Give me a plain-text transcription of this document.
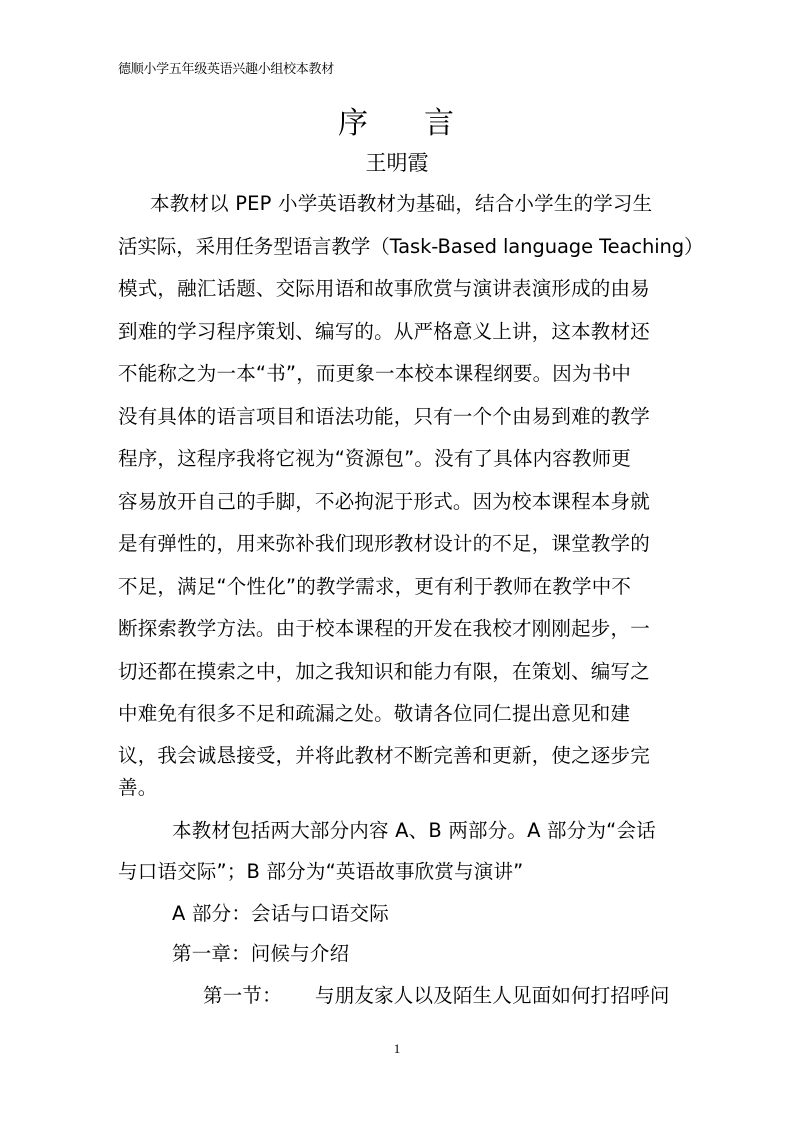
德顺小学五年级英语兴趣小组校本教材
序 言
王明霞
本教材以 PEP 小学英语教材为基础，结合小学生的学习生
活实际，采用任务型语言教学（Task-Based language Teaching）
模式，融汇话题、交际用语和故事欣赏与演讲表演形成的由易
到难的学习程序策划、编写的。从严格意义上讲，这本教材还
不能称之为一本“书”，而更象一本校本课程纲要。因为书中
没有具体的语言项目和语法功能，只有一个个由易到难的教学
程序，这程序我将它视为“资源包”。没有了具体内容教师更
容易放开自己的手脚，不必拘泥于形式。因为校本课程本身就
是有弹性的，用来弥补我们现形教材设计的不足，课堂教学的
不足，满足“个性化”的教学需求，更有利于教师在教学中不
断探索教学方法。由于校本课程的开发在我校才刚刚起步，一
切还都在摸索之中，加之我知识和能力有限，在策划、编写之
中难免有很多不足和疏漏之处。敬请各位同仁提出意见和建
议，我会诚恳接受，并将此教材不断完善和更新，使之逐步完
善。
本教材包括两大部分内容 A、B 两部分。A 部分为“会话
与口语交际”；B 部分为“英语故事欣赏与演讲”
A 部分：会话与口语交际
第一章：问候与介绍
第一节： 与朋友家人以及陌生人见面如何打招呼问
1
